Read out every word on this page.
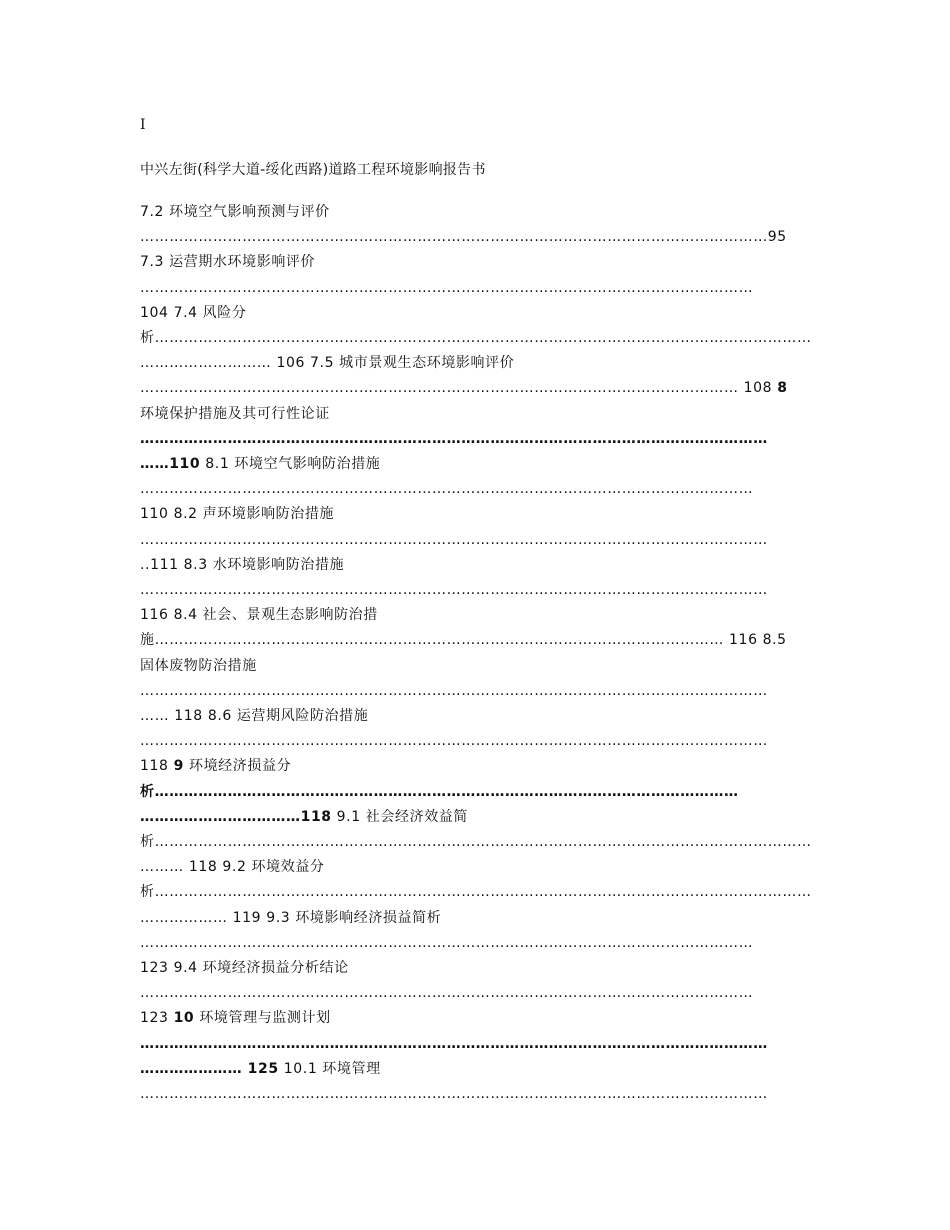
I
中兴左街(科学大道-绥化西路)道路工程环境影响报告书
7.2 环境空气影响预测与评价
…………………………………………………………………………………………………………………95
7.3 运营期水环境影响评价
………………………………………………………………………………………………………………
104 7.4 风险分
析………………………………………………………………………………………………………………………
……………………… 106 7.5 城市景观生态环境影响评价
…………………………………………………………………………………………………………… 108 8
环境保护措施及其可行性论证
…………………………………………………………………………………………………………………
……110 8.1 环境空气影响防治措施
………………………………………………………………………………………………………………
110 8.2 声环境影响防治措施
…………………………………………………………………………………………………………………
..111 8.3 水环境影响防治措施
…………………………………………………………………………………………………………………
116 8.4 社会、景观生态影响防治措
施……………………………………………………………………………………………………… 116 8.5
固体废物防治措施
…………………………………………………………………………………………………………………
…… 118 8.6 运营期风险防治措施
…………………………………………………………………………………………………………………
118 9 环境经济损益分
析…………………………………………………………………………………………………………
……………………………118 9.1 社会经济效益简
析………………………………………………………………………………………………………………………
……… 118 9.2 环境效益分
析………………………………………………………………………………………………………………………
……………… 119 9.3 环境影响经济损益简析
………………………………………………………………………………………………………………
123 9.4 环境经济损益分析结论
………………………………………………………………………………………………………………
123 10 环境管理与监测计划
…………………………………………………………………………………………………………………
………………… 125 10.1 环境管理
…………………………………………………………………………………………………………………
